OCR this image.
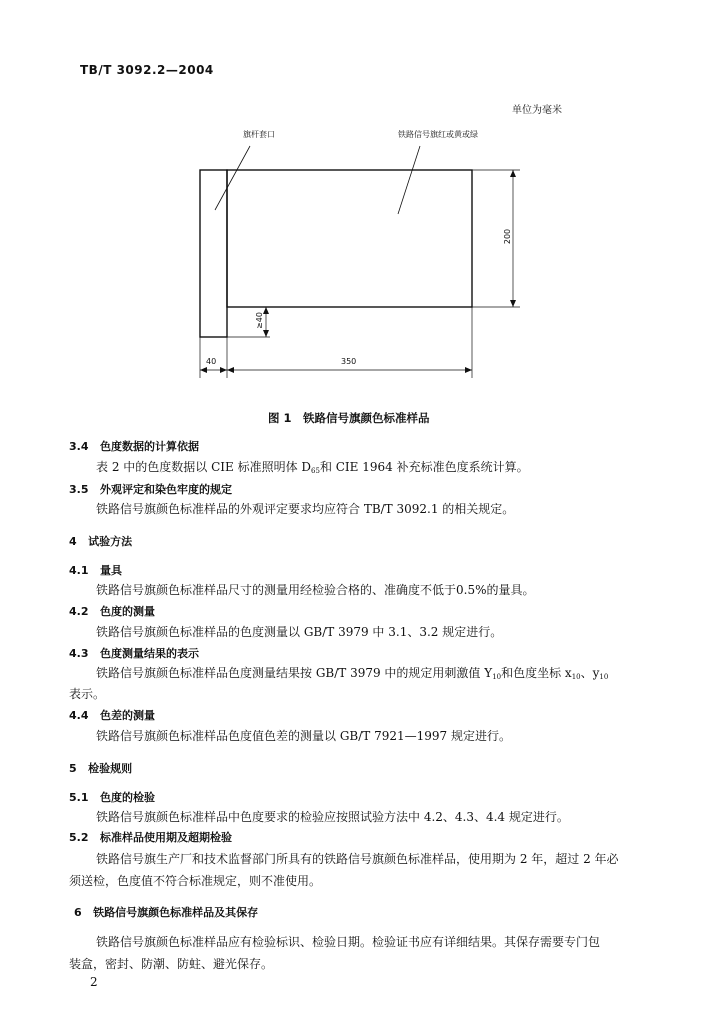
TB/T 3092.2—2004
单位为毫米
旗杆套口	铁路信号旗红或黄或绿
200
≥40
40	350
图 1　铁路信号旗颜色标准样品
3.4 色度数据的计算依据
表 2 中的色度数据以 CIE 标准照明体 $D_{65}$和 CIE 1964 补充标准色度系统计算。
3.5 外观评定和染色牢度的规定
铁路信号旗颜色标准样品的外观评定要求均应符合 TB/T 3092.1 的相关规定。
4 试验方法
4.1 量具
铁路信号旗颜色标准样品尺寸的测量用经检验合格的、准确度不低于0.5%的量具。
4.2 色度的测量
铁路信号旗颜色标准样品的色度测量以 GB/T 3979 中 3.1、3.2 规定进行。
4.3 色度测量结果的表示
铁路信号旗颜色标准样品色度测量结果按 GB/T 3979 中的规定用刺激值 $Y_{10}$和色度坐标 $x_{10}$、$y_{10}$
表示。
4.4 色差的测量
铁路信号旗颜色标准样品色度值色差的测量以 GB/T 7921—1997 规定进行。
5 检验规则
5.1 色度的检验
铁路信号旗颜色标准样品中色度要求的检验应按照试验方法中 4.2、4.3、4.4 规定进行。
5.2 标准样品使用期及超期检验
铁路信号旗生产厂和技术监督部门所具有的铁路信号旗颜色标准样品，使用期为 2 年，超过 2 年必
须送检，色度值不符合标准规定，则不准使用。
6 铁路信号旗颜色标准样品及其保存
铁路信号旗颜色标准样品应有检验标识、检验日期。检验证书应有详细结果。其保存需要专门包
装盒，密封、防潮、防蛀、避光保存。
2
